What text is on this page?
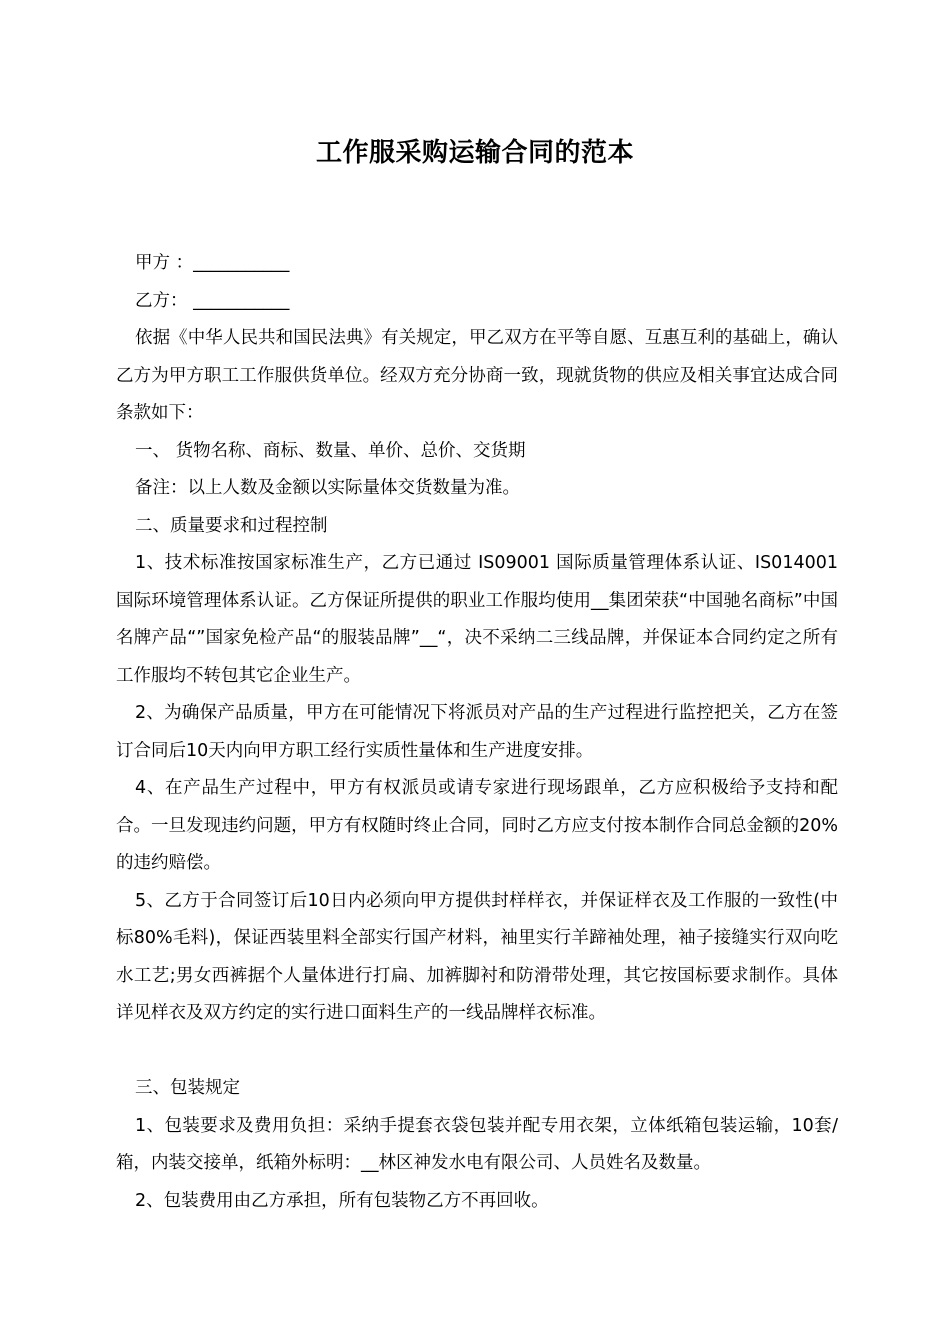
工作服采购运输合同的范本

甲方 ：___________

乙方： ___________

依据《中华人民共和国民法典》有关规定，甲乙双方在平等自愿、互惠互利的基础上，确认乙方为甲方职工工作服供货单位。经双方充分协商一致，现就货物的供应及相关事宜达成合同条款如下：

一、 货物名称、商标、数量、单价、总价、交货期

备注：以上人数及金额以实际量体交货数量为准。

二、质量要求和过程控制

1、技术标准按国家标准生产，乙方已通过 IS09001 国际质量管理体系认证、IS014001 国际环境管理体系认证。乙方保证所提供的职业工作服均使用__集团荣获“中国驰名商标”中国名牌产品“”国家免检产品“的服装品牌”__“，决不采纳二三线品牌，并保证本合同约定之所有工作服均不转包其它企业生产。

2、为确保产品质量，甲方在可能情况下将派员对产品的生产过程进行监控把关，乙方在签订合同后10天内向甲方职工经行实质性量体和生产进度安排。

4、在产品生产过程中，甲方有权派员或请专家进行现场跟单，乙方应积极给予支持和配合。一旦发现违约问题，甲方有权随时终止合同，同时乙方应支付按本制作合同总金额的20%的违约赔偿。

5、乙方于合同签订后10日内必须向甲方提供封样样衣，并保证样衣及工作服的一致性(中标80%毛料)，保证西装里料全部实行国产材料，袖里实行羊蹄袖处理，袖子接缝实行双向吃水工艺;男女西裤据个人量体进行打扁、加裤脚衬和防滑带处理，其它按国标要求制作。具体详见样衣及双方约定的实行进口面料生产的一线品牌样衣标准。

三、包装规定

1、包装要求及费用负担：采纳手提套衣袋包装并配专用衣架，立体纸箱包装运输，10套/箱，内装交接单，纸箱外标明：__林区神发水电有限公司、人员姓名及数量。

2、包装费用由乙方承担，所有包装物乙方不再回收。
